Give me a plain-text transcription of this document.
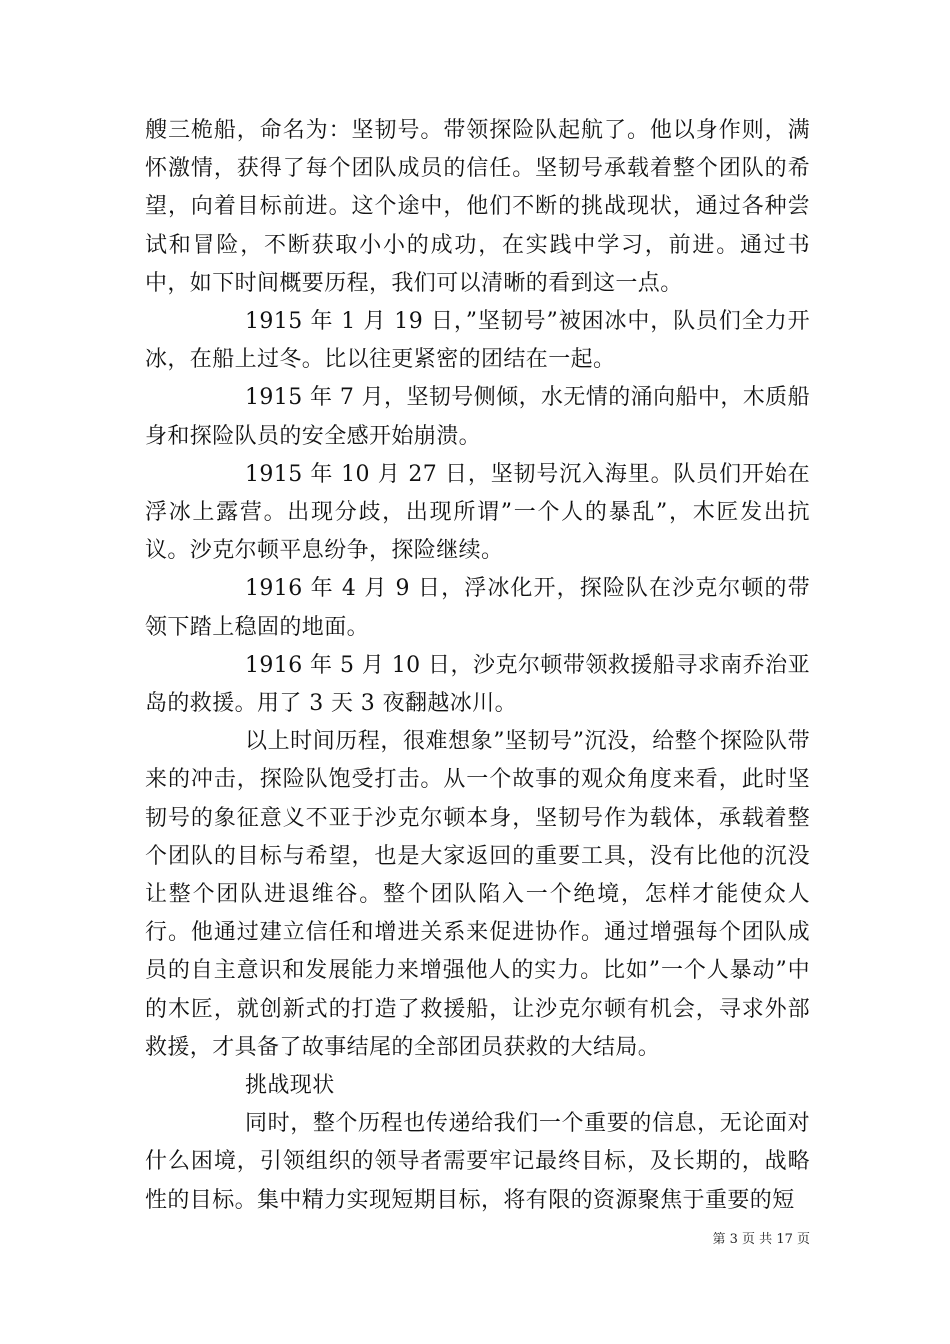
艘三桅船，命名为：坚韧号。带领探险队起航了。他以身作则，满怀激情，获得了每个团队成员的信任。坚韧号承载着整个团队的希望，向着目标前进。这个途中，他们不断的挑战现状，通过各种尝试和冒险，不断获取小小的成功，在实践中学习，前进。通过书中，如下时间概要历程，我们可以清晰的看到这一点。

1915 年 1 月 19 日，”坚韧号”被困冰中，队员们全力开冰，在船上过冬。比以往更紧密的团结在一起。

1915 年 7 月，坚韧号侧倾，水无情的涌向船中，木质船身和探险队员的安全感开始崩溃。

1915 年 10 月 27 日，坚韧号沉入海里。队员们开始在浮冰上露营。出现分歧，出现所谓”一个人的暴乱”，木匠发出抗议。沙克尔顿平息纷争，探险继续。

1916 年 4 月 9 日，浮冰化开，探险队在沙克尔顿的带领下踏上稳固的地面。

1916 年 5 月 10 日，沙克尔顿带领救援船寻求南乔治亚岛的救援。用了 3 天 3 夜翻越冰川。

以上时间历程，很难想象”坚韧号”沉没，给整个探险队带来的冲击，探险队饱受打击。从一个故事的观众角度来看，此时坚韧号的象征意义不亚于沙克尔顿本身，坚韧号作为载体，承载着整个团队的目标与希望，也是大家返回的重要工具，没有比他的沉没让整个团队进退维谷。整个团队陷入一个绝境，怎样才能使众人行。他通过建立信任和增进关系来促进协作。通过增强每个团队成员的自主意识和发展能力来增强他人的实力。比如”一个人暴动”中的木匠，就创新式的打造了救援船，让沙克尔顿有机会，寻求外部救援，才具备了故事结尾的全部团员获救的大结局。

挑战现状

同时，整个历程也传递给我们一个重要的信息，无论面对什么困境，引领组织的领导者需要牢记最终目标，及长期的，战略性的目标。集中精力实现短期目标，将有限的资源聚焦于重要的短

第 3 页 共 17 页
